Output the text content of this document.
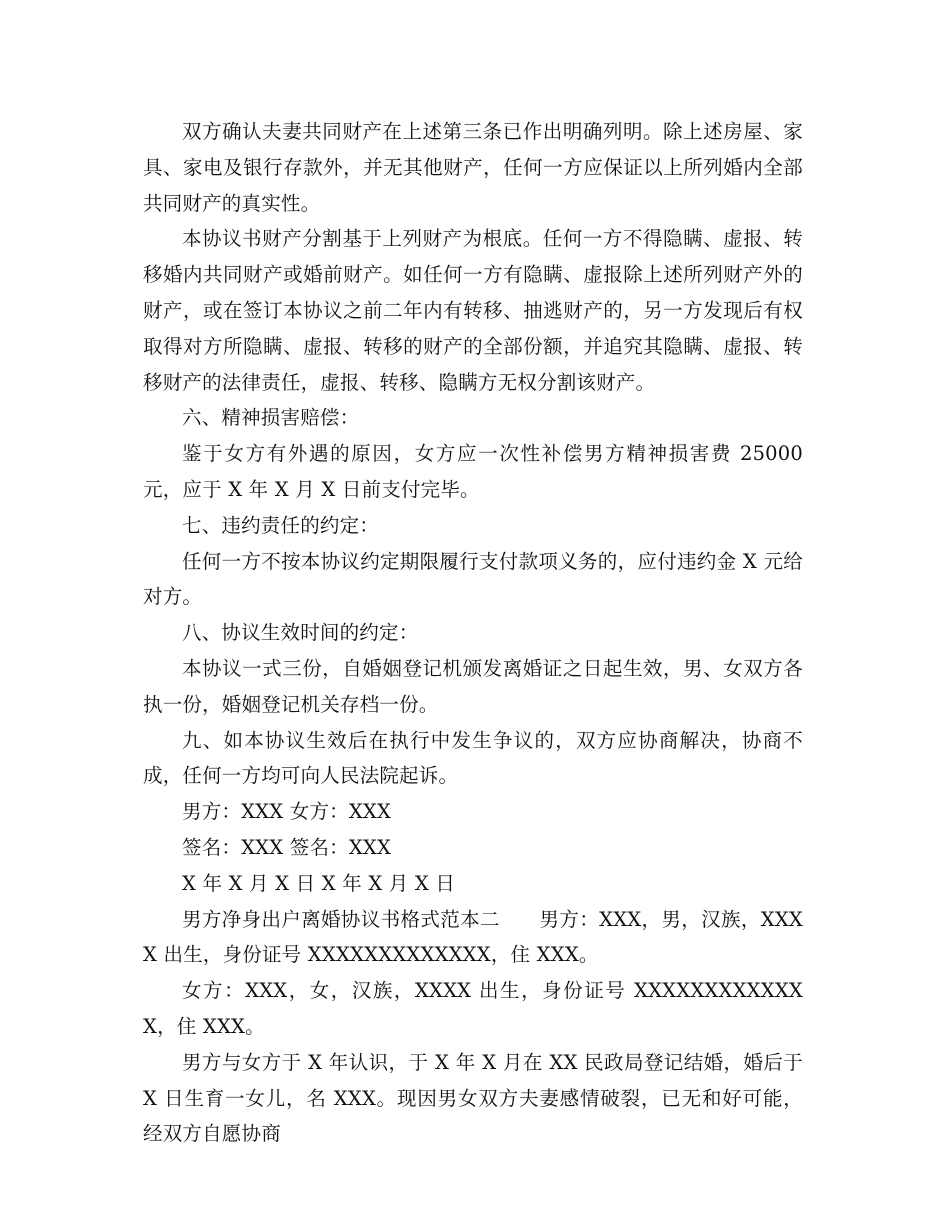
双方确认夫妻共同财产在上述第三条已作出明确列明。除上述房屋、家具、家电及银行存款外，并无其他财产，任何一方应保证以上所列婚内全部共同财产的真实性。

本协议书财产分割基于上列财产为根底。任何一方不得隐瞒、虚报、转移婚内共同财产或婚前财产。如任何一方有隐瞒、虚报除上述所列财产外的财产，或在签订本协议之前二年内有转移、抽逃财产的，另一方发现后有权取得对方所隐瞒、虚报、转移的财产的全部份额，并追究其隐瞒、虚报、转移财产的法律责任，虚报、转移、隐瞒方无权分割该财产。

六、精神损害赔偿：

鉴于女方有外遇的原因，女方应一次性补偿男方精神损害费 25000 元，应于 X 年 X 月 X 日前支付完毕。

七、违约责任的约定：

任何一方不按本协议约定期限履行支付款项义务的，应付违约金 X 元给对方。

八、协议生效时间的约定：

本协议一式三份，自婚姻登记机颁发离婚证之日起生效，男、女双方各执一份，婚姻登记机关存档一份。

九、如本协议生效后在执行中发生争议的，双方应协商解决，协商不成，任何一方均可向人民法院起诉。

男方：XXX 女方：XXX

签名：XXX 签名：XXX

X 年 X 月 X 日 X 年 X 月 X 日

男方净身出户离婚协议书格式范本二　　男方：XXX，男，汉族，XXXX 出生，身份证号 XXXXXXXXXXXXX，住 XXX。

女方：XXX，女，汉族，XXXX 出生，身份证号 XXXXXXXXXXXXX，住 XXX。

男方与女方于 X 年认识，于 X 年 X 月在 XX 民政局登记结婚，婚后于 X 日生育一女儿，名 XXX。现因男女双方夫妻感情破裂，已无和好可能，经双方自愿协商
